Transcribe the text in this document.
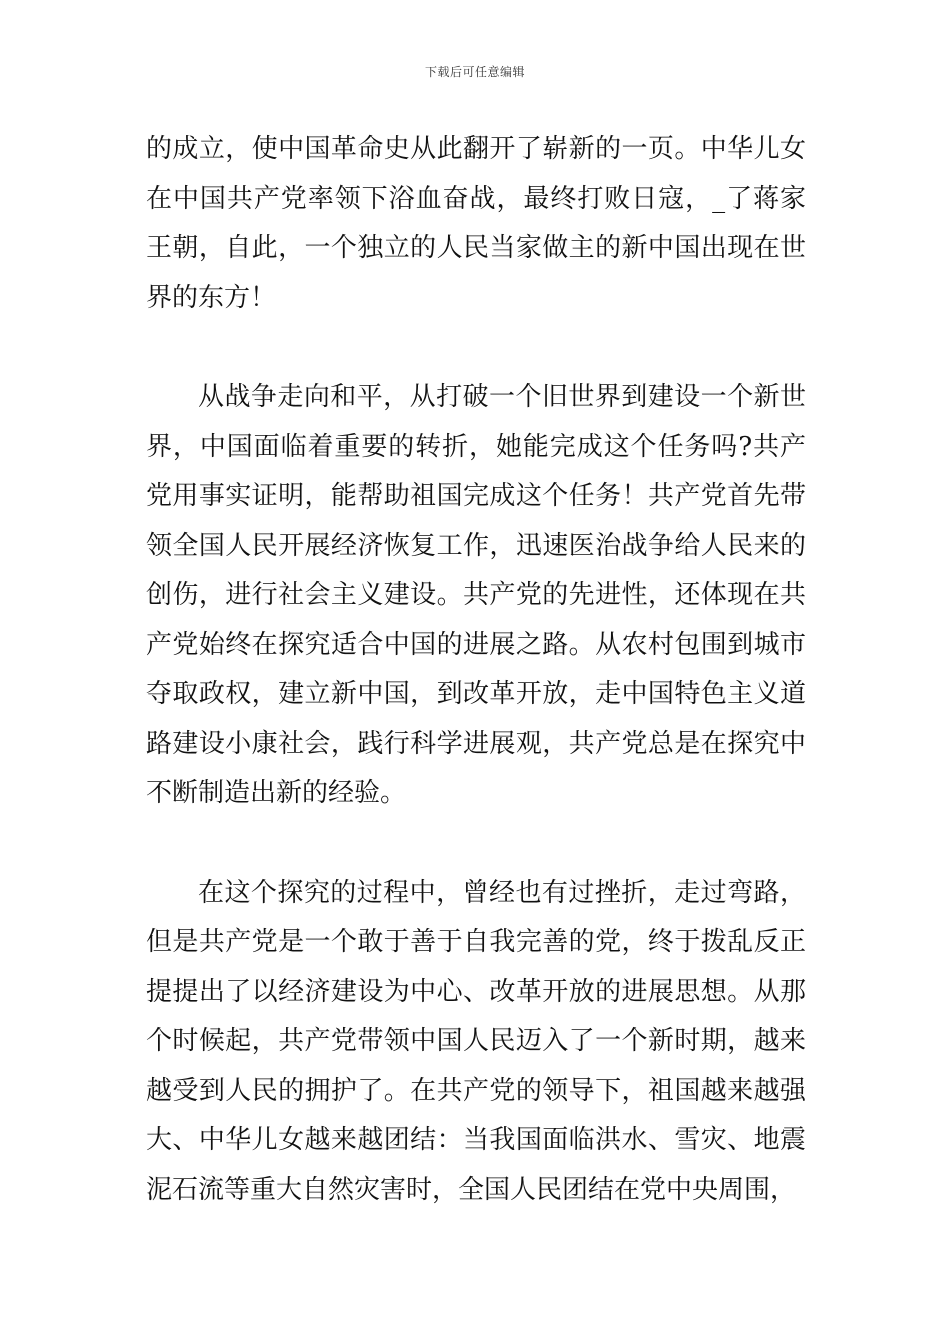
下载后可任意编辑

的成立，使中国革命史从此翻开了崭新的一页。中华儿女在中国共产党率领下浴血奋战，最终打败日寇，_了蒋家王朝，自此，一个独立的人民当家做主的新中国出现在世界的东方！

从战争走向和平，从打破一个旧世界到建设一个新世界，中国面临着重要的转折，她能完成这个任务吗?共产党用事实证明，能帮助祖国完成这个任务！共产党首先带领全国人民开展经济恢复工作，迅速医治战争给人民来的创伤，进行社会主义建设。共产党的先进性，还体现在共产党始终在探究适合中国的进展之路。从农村包围到城市夺取政权，建立新中国，到改革开放，走中国特色主义道路建设小康社会，践行科学进展观，共产党总是在探究中不断制造出新的经验。

在这个探究的过程中，曾经也有过挫折，走过弯路，但是共产党是一个敢于善于自我完善的党，终于拨乱反正提提出了以经济建设为中心、改革开放的进展思想。从那个时候起，共产党带领中国人民迈入了一个新时期，越来越受到人民的拥护了。在共产党的领导下，祖国越来越强大、中华儿女越来越团结：当我国面临洪水、雪灾、地震泥石流等重大自然灾害时，全国人民团结在党中央周围，
